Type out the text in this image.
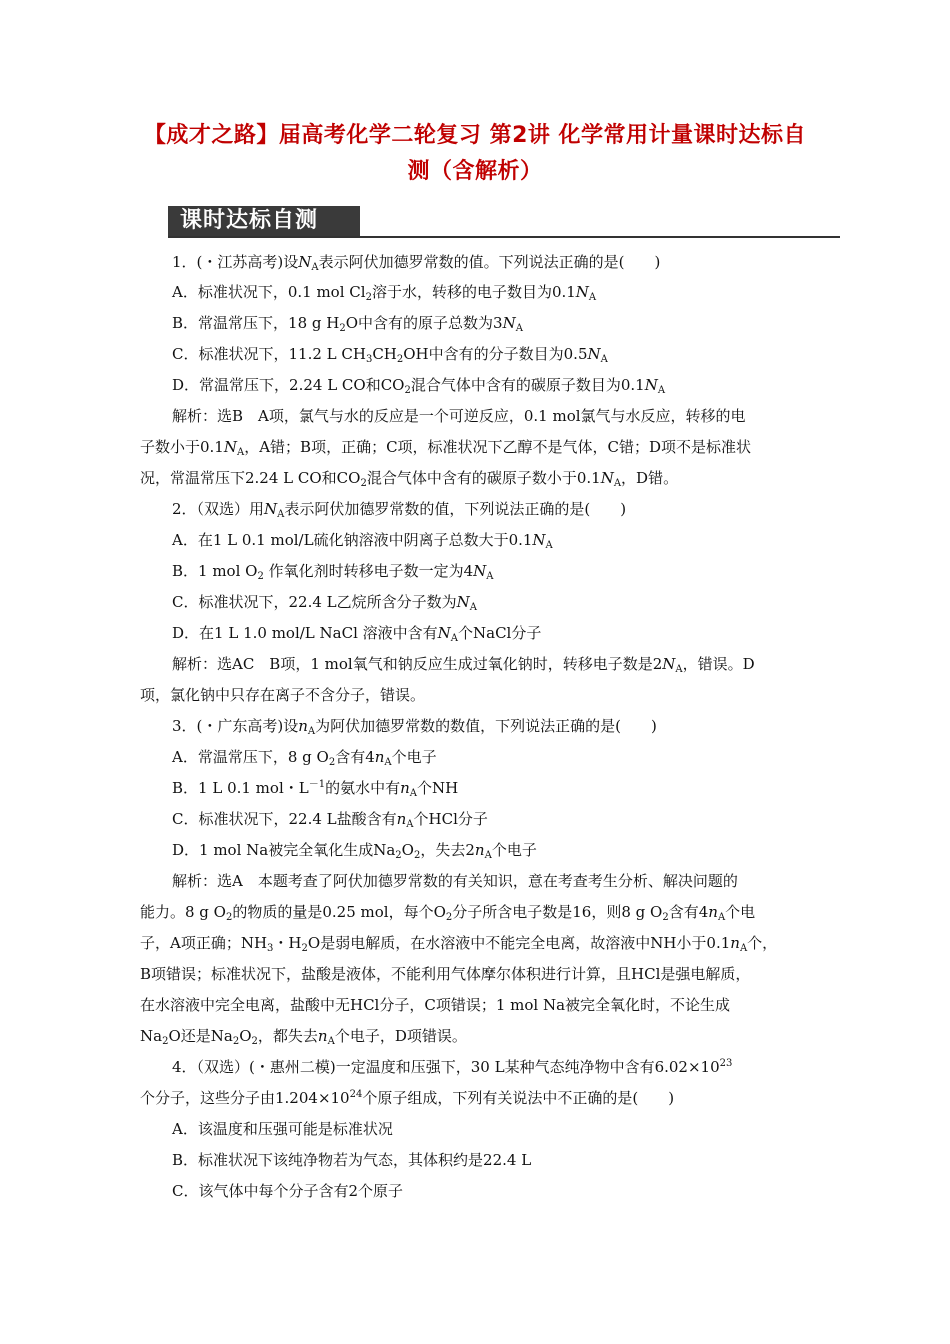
【成才之路】届高考化学二轮复习 第2讲 化学常用计量课时达标自
测（含解析）
课时达标自测
1．(・江苏高考)设$N_A$表示阿伏加德罗常数的值。下列说法正确的是(　　)
A．标准状况下，0.1 mol $Cl_2$溶于水，转移的电子数目为$0.1N_A$
B．常温常压下，18 g $H_2O$中含有的原子总数为$3N_A$
C．标准状况下，11.2 L $CH_3CH_2OH$中含有的分子数目为$0.5N_A$
D．常温常压下，2.24 L CO和$CO_2$混合气体中含有的碳原子数目为$0.1N_A$
解析：选B　A项，氯气与水的反应是一个可逆反应，0.1 mol氯气与水反应，转移的电
子数小于$0.1N_A$，A错；B项，正确；C项，标准状况下乙醇不是气体，C错；D项不是标准状
况，常温常压下2.24 L CO和$CO_2$混合气体中含有的碳原子数小于$0.1N_A$，D错。
2．（双选）用$N_A$表示阿伏加德罗常数的值，下列说法正确的是(　　)
A．在1 L 0.1 mol/L硫化钠溶液中阴离子总数大于$0.1N_A$
B．1 mol $O_2$ 作氧化剂时转移电子数一定为$4N_A$
C．标准状况下，22.4 L乙烷所含分子数为$N_A$
D．在1 L 1.0 mol/L NaCl 溶液中含有$N_A$个NaCl分子
解析：选AC　B项，1 mol氧气和钠反应生成过氧化钠时，转移电子数是$2N_A$，错误。D
项，氯化钠中只存在离子不含分子，错误。
3．(・广东高考)设$n_A$为阿伏加德罗常数的数值，下列说法正确的是(　　)
A．常温常压下，8 g $O_2$含有$4n_A$个电子
B．1 L 0.1 mol・$L^{-1}$的氨水中有$n_A$个NH
C．标准状况下，22.4 L盐酸含有$n_A$个HCl分子
D．1 mol Na被完全氧化生成$Na_2O_2$，失去$2n_A$个电子
解析：选A　本题考查了阿伏加德罗常数的有关知识，意在考查考生分析、解决问题的
能力。8 g $O_2$的物质的量是0.25 mol，每个$O_2$分子所含电子数是16，则8 g $O_2$含有$4n_A$个电
子，A项正确；$NH_3$・$H_2O$是弱电解质，在水溶液中不能完全电离，故溶液中NH小于$0.1n_A$个，
B项错误；标准状况下，盐酸是液体，不能利用气体摩尔体积进行计算，且HCl是强电解质，
在水溶液中完全电离，盐酸中无HCl分子，C项错误；1 mol Na被完全氧化时，不论生成
$Na_2O$还是$Na_2O_2$，都失去$n_A$个电子，D项错误。
4．（双选）(・惠州二模)一定温度和压强下，30 L某种气态纯净物中含有$6.02\times 10^{23}$
个分子，这些分子由$1.204\times 10^{24}$个原子组成，下列有关说法中不正确的是(　　)
A．该温度和压强可能是标准状况
B．标准状况下该纯净物若为气态，其体积约是22.4 L
C．该气体中每个分子含有2个原子
